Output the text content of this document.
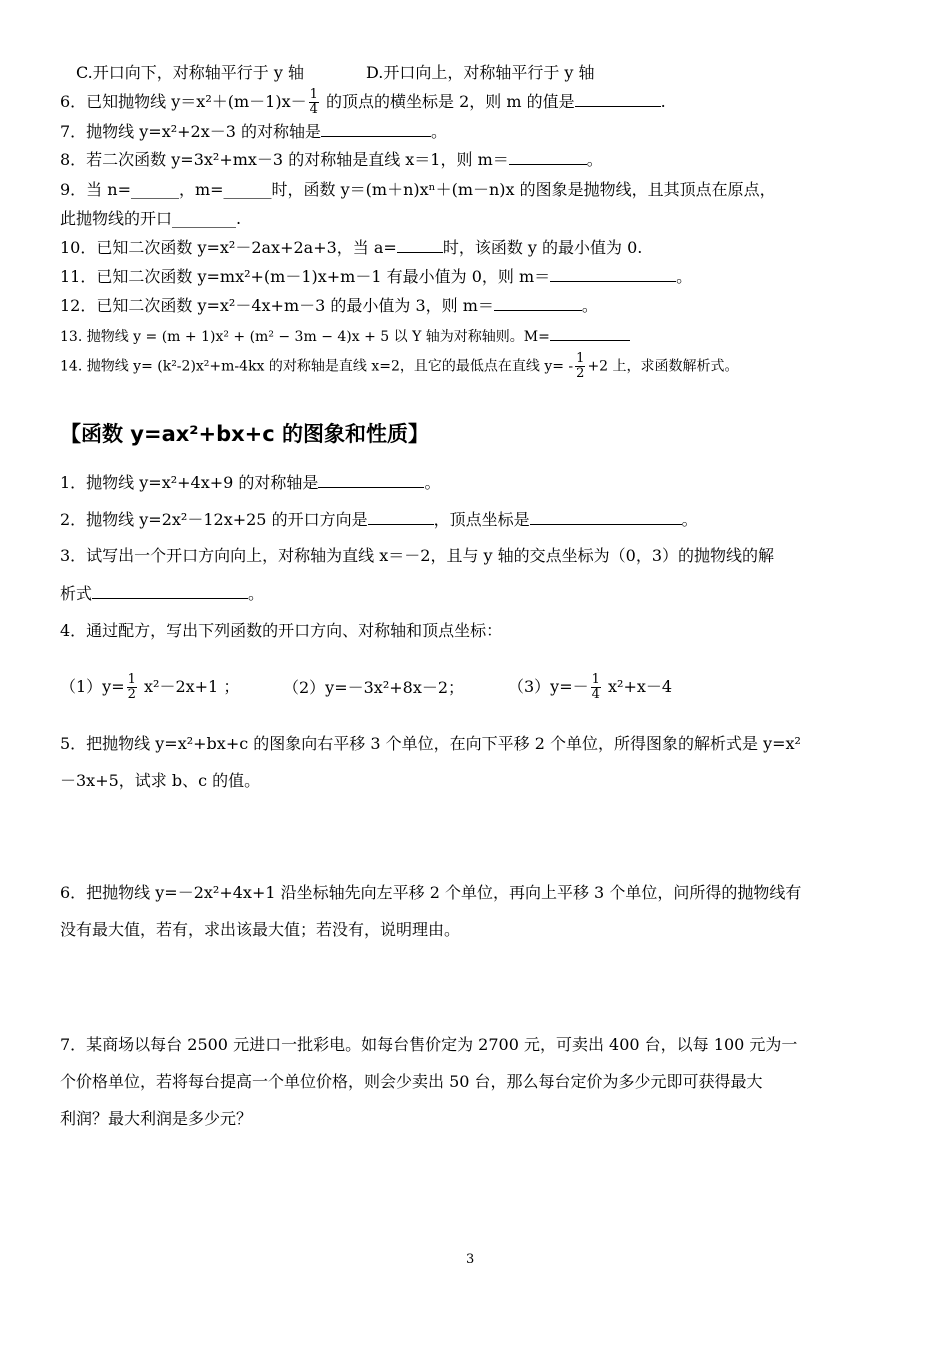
C.开口向下，对称轴平行于 y 轴	D.开口向上，对称轴平行于 y 轴
6．已知抛物线 $y=x^2+(m-1)x- \frac{1}{4}$ 的顶点的横坐标是 2，则 m 的值是	.
7．抛物线 y=x²+2x－3 的对称轴是	。
8．若二次函数 y=3x²+mx－3 的对称轴是直线 x＝1，则 m＝	。
9．当 n=______，m=______时，函数 y＝(m＋n)xⁿ＋(m－n)x 的图象是抛物线，且其顶点在原点，
此抛物线的开口________.
10．已知二次函数 y=x²－2ax+2a+3，当 a=	时，该函数 y 的最小值为 0.
11．已知二次函数 y=mx²+(m－1)x+m－1 有最小值为 0，则 m＝	。
12．已知二次函数 y=x²－4x+m－3 的最小值为 3，则 m＝	。
13. 抛物线 y = (m + 1)x² + (m² − 3m − 4)x + 5 以 Y 轴为对称轴则。M=
14. 抛物线 y= (k²-2)x²+m-4kx 的对称轴是直线 x=2，且它的最低点在直线 $y= - \frac{1}{2} +2$ 上，求函数解析式。
【函数 y=ax²+bx+c 的图象和性质】
1．抛物线 y=x²+4x+9 的对称轴是	。
2．抛物线 y=2x²－12x+25 的开口方向是	，顶点坐标是	。
3．试写出一个开口方向向上，对称轴为直线 x＝－2，且与 y 轴的交点坐标为（0，3）的抛物线的解
析式	。
4．通过配方，写出下列函数的开口方向、对称轴和顶点坐标：
$(1)y= \frac{1}{2} x^2-2x+1$ ；	（2）y=－3x²+8x－2；	$(3)y=- \frac{1}{4} x^2+x-4$
5．把抛物线 y=x²+bx+c 的图象向右平移 3 个单位，在向下平移 2 个单位，所得图象的解析式是 y=x²
－3x+5，试求 b、c 的值。
6．把抛物线 y=－2x²+4x+1 沿坐标轴先向左平移 2 个单位，再向上平移 3 个单位，问所得的抛物线有
没有最大值，若有，求出该最大值；若没有，说明理由。
7．某商场以每台 2500 元进口一批彩电。如每台售价定为 2700 元，可卖出 400 台，以每 100 元为一
个价格单位，若将每台提高一个单位价格，则会少卖出 50 台，那么每台定价为多少元即可获得最大
利润？最大利润是多少元？
3
